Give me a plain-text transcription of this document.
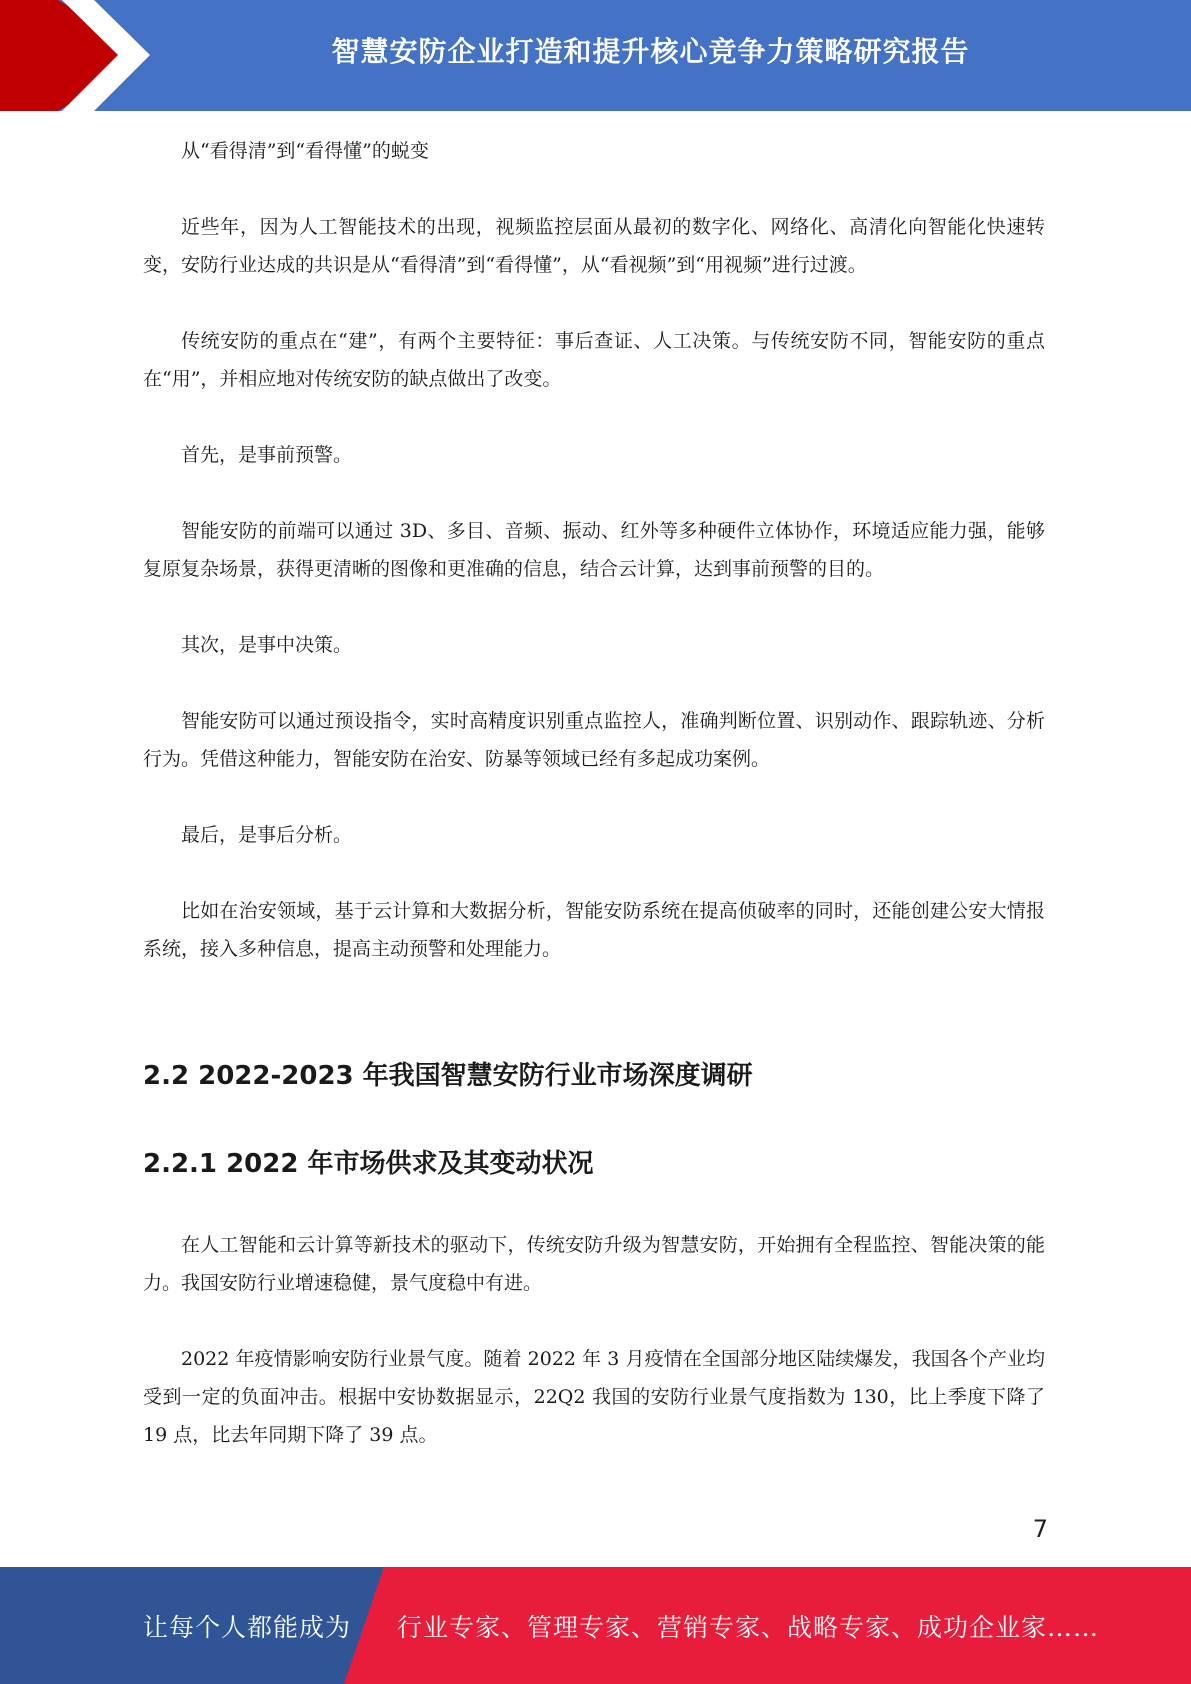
智慧安防企业打造和提升核心竞争力策略研究报告

从“看得清”到“看得懂”的蜕变

近些年，因为人工智能技术的出现，视频监控层面从最初的数字化、网络化、高清化向智能化快速转变，安防行业达成的共识是从“看得清”到“看得懂”，从“看视频”到“用视频”进行过渡。

传统安防的重点在“建”，有两个主要特征：事后查证、人工决策。与传统安防不同，智能安防的重点在“用”，并相应地对传统安防的缺点做出了改变。

首先，是事前预警。

智能安防的前端可以通过 3D、多目、音频、振动、红外等多种硬件立体协作，环境适应能力强，能够复原复杂场景，获得更清晰的图像和更准确的信息，结合云计算，达到事前预警的目的。

其次，是事中决策。

智能安防可以通过预设指令，实时高精度识别重点监控人，准确判断位置、识别动作、跟踪轨迹、分析行为。凭借这种能力，智能安防在治安、防暴等领域已经有多起成功案例。

最后，是事后分析。

比如在治安领域，基于云计算和大数据分析，智能安防系统在提高侦破率的同时，还能创建公安大情报系统，接入多种信息，提高主动预警和处理能力。

2.2 2022-2023 年我国智慧安防行业市场深度调研
2.2.1 2022 年市场供求及其变动状况

在人工智能和云计算等新技术的驱动下，传统安防升级为智慧安防，开始拥有全程监控、智能决策的能力。我国安防行业增速稳健，景气度稳中有进。

2022 年疫情影响安防行业景气度。随着 2022 年 3 月疫情在全国部分地区陆续爆发，我国各个产业均受到一定的负面冲击。根据中安协数据显示，22Q2 我国的安防行业景气度指数为 130，比上季度下降了 19 点，比去年同期下降了 39 点。

7
让每个人都能成为 行业专家、管理专家、营销专家、战略专家、成功企业家……
